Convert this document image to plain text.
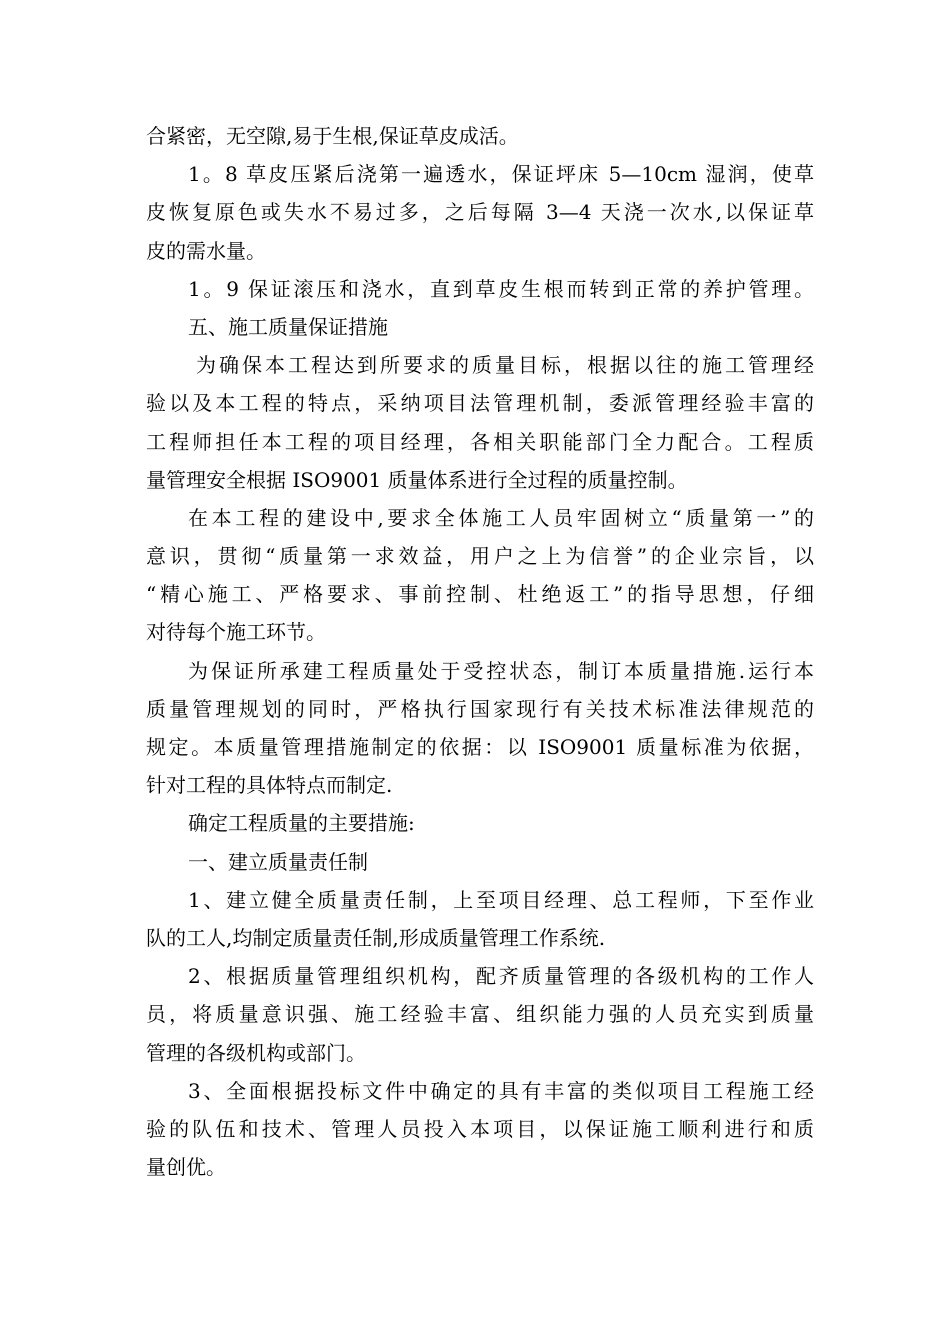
合紧密，无空隙,易于生根,保证草皮成活。
1。8 草皮压紧后浇第一遍透水，保证坪床 5—10cm 湿润，使草
皮恢复原色或失水不易过多，之后每隔 3—4 天浇一次水,以保证草
皮的需水量。
1。9 保证滚压和浇水，直到草皮生根而转到正常的养护管理。
五、施工质量保证措施
为确保本工程达到所要求的质量目标，根据以往的施工管理经
验以及本工程的特点，采纳项目法管理机制，委派管理经验丰富的
工程师担任本工程的项目经理，各相关职能部门全力配合。工程质
量管理安全根据 ISO9001 质量体系进行全过程的质量控制。
在本工程的建设中,要求全体施工人员牢固树立“质量第一”的
意识，贯彻“质量第一求效益，用户之上为信誉”的企业宗旨，以
“精心施工、严格要求、事前控制、杜绝返工”的指导思想，仔细
对待每个施工环节。
为保证所承建工程质量处于受控状态，制订本质量措施.运行本
质量管理规划的同时，严格执行国家现行有关技术标准法律规范的
规定。本质量管理措施制定的依据：以 ISO9001 质量标准为依据，
针对工程的具体特点而制定.
确定工程质量的主要措施:
一、建立质量责任制
1、建立健全质量责任制，上至项目经理、总工程师，下至作业
队的工人,均制定质量责任制,形成质量管理工作系统.
2、根据质量管理组织机构，配齐质量管理的各级机构的工作人
员，将质量意识强、施工经验丰富、组织能力强的人员充实到质量
管理的各级机构或部门。
3、全面根据投标文件中确定的具有丰富的类似项目工程施工经
验的队伍和技术、管理人员投入本项目，以保证施工顺利进行和质
量创优。
